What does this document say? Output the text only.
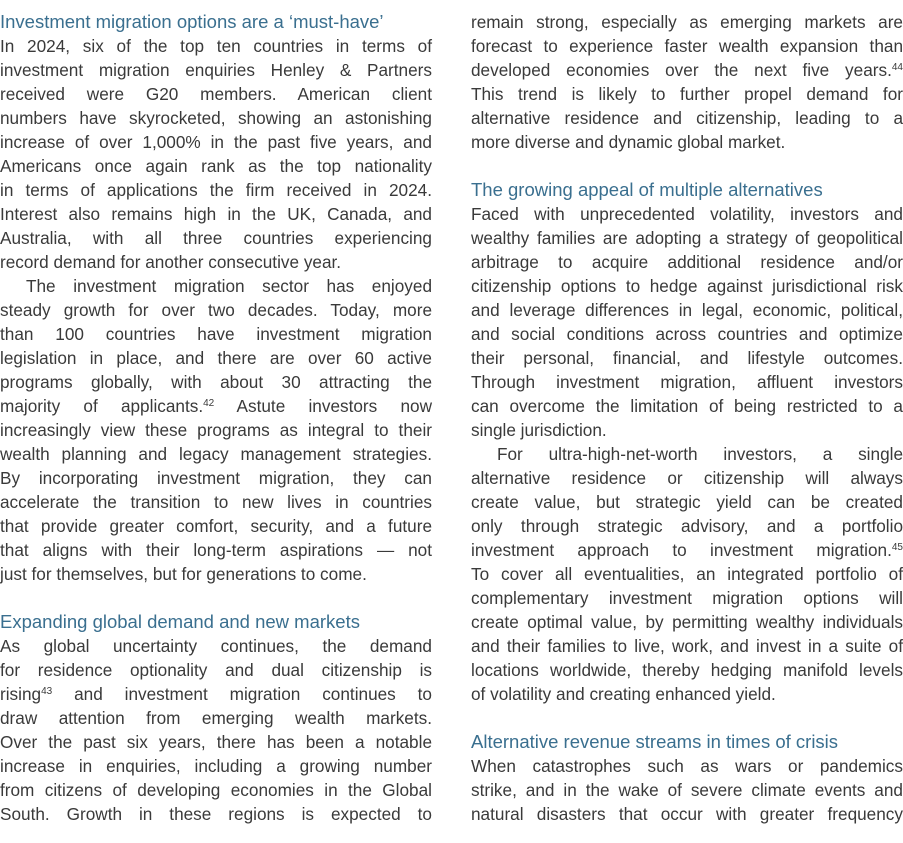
Investment migration options are a ‘must-have’
In 2024, six of the top ten countries in terms of
investment migration enquiries Henley & Partners
received were G20 members. American client
numbers have skyrocketed, showing an astonishing
increase of over 1,000% in the past five years, and
Americans once again rank as the top nationality
in terms of applications the firm received in 2024.
Interest also remains high in the UK, Canada, and
Australia, with all three countries experiencing
record demand for another consecutive year.
The investment migration sector has enjoyed
steady growth for over two decades. Today, more
than 100 countries have investment migration
legislation in place, and there are over 60 active
programs globally, with about 30 attracting the
majority of applicants.$^{42}$ Astute investors now
increasingly view these programs as integral to their
wealth planning and legacy management strategies.
By incorporating investment migration, they can
accelerate the transition to new lives in countries
that provide greater comfort, security, and a future
that aligns with their long-term aspirations — not
just for themselves, but for generations to come.
Expanding global demand and new markets
As global uncertainty continues, the demand
for residence optionality and dual citizenship is
rising$^{43}$ and investment migration continues to
draw attention from emerging wealth markets.
Over the past six years, there has been a notable
increase in enquiries, including a growing number
from citizens of developing economies in the Global
South. Growth in these regions is expected to
remain strong, especially as emerging markets are
forecast to experience faster wealth expansion than
developed economies over the next five years.$^{44}$
This trend is likely to further propel demand for
alternative residence and citizenship, leading to a
more diverse and dynamic global market.
The growing appeal of multiple alternatives
Faced with unprecedented volatility, investors and
wealthy families are adopting a strategy of geopolitical
arbitrage to acquire additional residence and/or
citizenship options to hedge against jurisdictional risk
and leverage differences in legal, economic, political,
and social conditions across countries and optimize
their personal, financial, and lifestyle outcomes.
Through investment migration, affluent investors
can overcome the limitation of being restricted to a
single jurisdiction.
For ultra-high-net-worth investors, a single
alternative residence or citizenship will always
create value, but strategic yield can be created
only through strategic advisory, and a portfolio
investment approach to investment migration.$^{45}$
To cover all eventualities, an integrated portfolio of
complementary investment migration options will
create optimal value, by permitting wealthy individuals
and their families to live, work, and invest in a suite of
locations worldwide, thereby hedging manifold levels
of volatility and creating enhanced yield.
Alternative revenue streams in times of crisis
When catastrophes such as wars or pandemics
strike, and in the wake of severe climate events and
natural disasters that occur with greater frequency
